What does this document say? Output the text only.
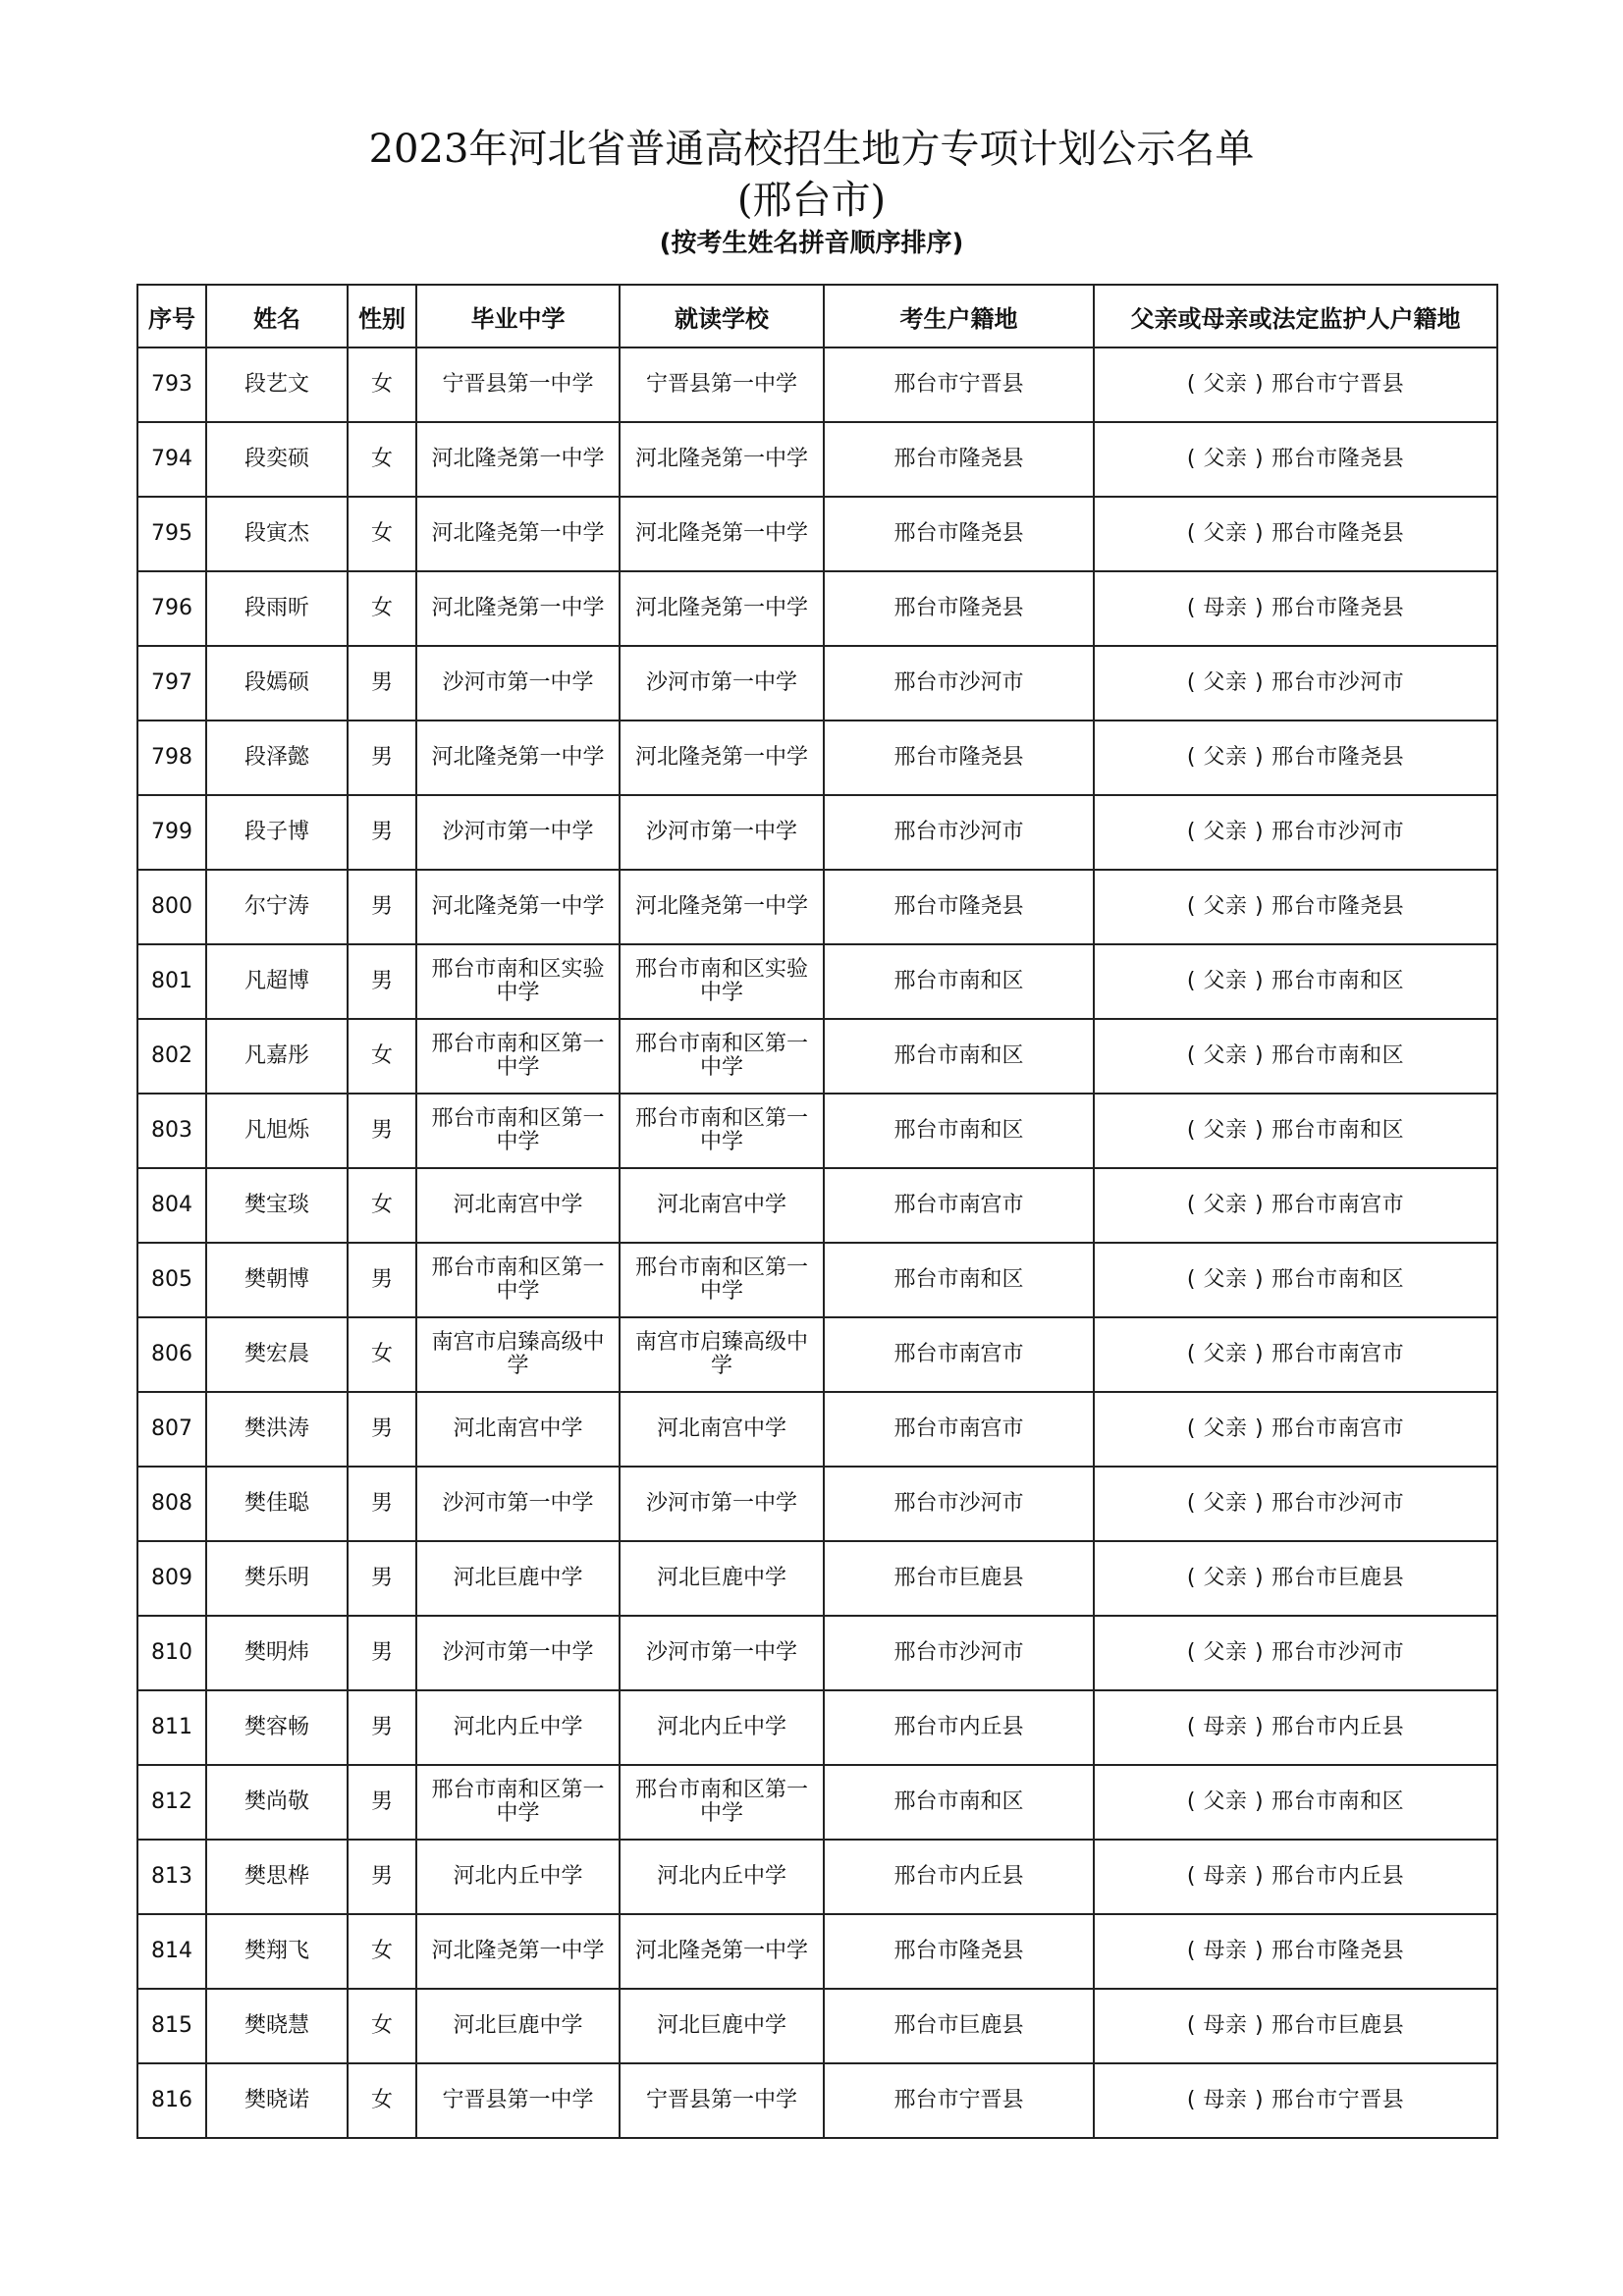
2023年河北省普通高校招生地方专项计划公示名单
(邢台市)
(按考生姓名拼音顺序排序)
序号	姓名	性别	毕业中学	就读学校	考生户籍地	父亲或母亲或法定监护人户籍地
793	段艺文	女	宁晋县第一中学	宁晋县第一中学	邢台市宁晋县	( 父亲 ) 邢台市宁晋县
794	段奕硕	女	河北隆尧第一中学	河北隆尧第一中学	邢台市隆尧县	( 父亲 ) 邢台市隆尧县
795	段寅杰	女	河北隆尧第一中学	河北隆尧第一中学	邢台市隆尧县	( 父亲 ) 邢台市隆尧县
796	段雨昕	女	河北隆尧第一中学	河北隆尧第一中学	邢台市隆尧县	( 母亲 ) 邢台市隆尧县
797	段嫣硕	男	沙河市第一中学	沙河市第一中学	邢台市沙河市	( 父亲 ) 邢台市沙河市
798	段泽懿	男	河北隆尧第一中学	河北隆尧第一中学	邢台市隆尧县	( 父亲 ) 邢台市隆尧县
799	段子博	男	沙河市第一中学	沙河市第一中学	邢台市沙河市	( 父亲 ) 邢台市沙河市
800	尔宁涛	男	河北隆尧第一中学	河北隆尧第一中学	邢台市隆尧县	( 父亲 ) 邢台市隆尧县
801	凡超博	男	邢台市南和区实验中学	邢台市南和区实验中学	邢台市南和区	( 父亲 ) 邢台市南和区
802	凡嘉彤	女	邢台市南和区第一中学	邢台市南和区第一中学	邢台市南和区	( 父亲 ) 邢台市南和区
803	凡旭烁	男	邢台市南和区第一中学	邢台市南和区第一中学	邢台市南和区	( 父亲 ) 邢台市南和区
804	樊宝琰	女	河北南宫中学	河北南宫中学	邢台市南宫市	( 父亲 ) 邢台市南宫市
805	樊朝博	男	邢台市南和区第一中学	邢台市南和区第一中学	邢台市南和区	( 父亲 ) 邢台市南和区
806	樊宏晨	女	南宫市启臻高级中学	南宫市启臻高级中学	邢台市南宫市	( 父亲 ) 邢台市南宫市
807	樊洪涛	男	河北南宫中学	河北南宫中学	邢台市南宫市	( 父亲 ) 邢台市南宫市
808	樊佳聪	男	沙河市第一中学	沙河市第一中学	邢台市沙河市	( 父亲 ) 邢台市沙河市
809	樊乐明	男	河北巨鹿中学	河北巨鹿中学	邢台市巨鹿县	( 父亲 ) 邢台市巨鹿县
810	樊明炜	男	沙河市第一中学	沙河市第一中学	邢台市沙河市	( 父亲 ) 邢台市沙河市
811	樊容畅	男	河北内丘中学	河北内丘中学	邢台市内丘县	( 母亲 ) 邢台市内丘县
812	樊尚敬	男	邢台市南和区第一中学	邢台市南和区第一中学	邢台市南和区	( 父亲 ) 邢台市南和区
813	樊思桦	男	河北内丘中学	河北内丘中学	邢台市内丘县	( 母亲 ) 邢台市内丘县
814	樊翔飞	女	河北隆尧第一中学	河北隆尧第一中学	邢台市隆尧县	( 母亲 ) 邢台市隆尧县
815	樊晓慧	女	河北巨鹿中学	河北巨鹿中学	邢台市巨鹿县	( 母亲 ) 邢台市巨鹿县
816	樊晓诺	女	宁晋县第一中学	宁晋县第一中学	邢台市宁晋县	( 母亲 ) 邢台市宁晋县
